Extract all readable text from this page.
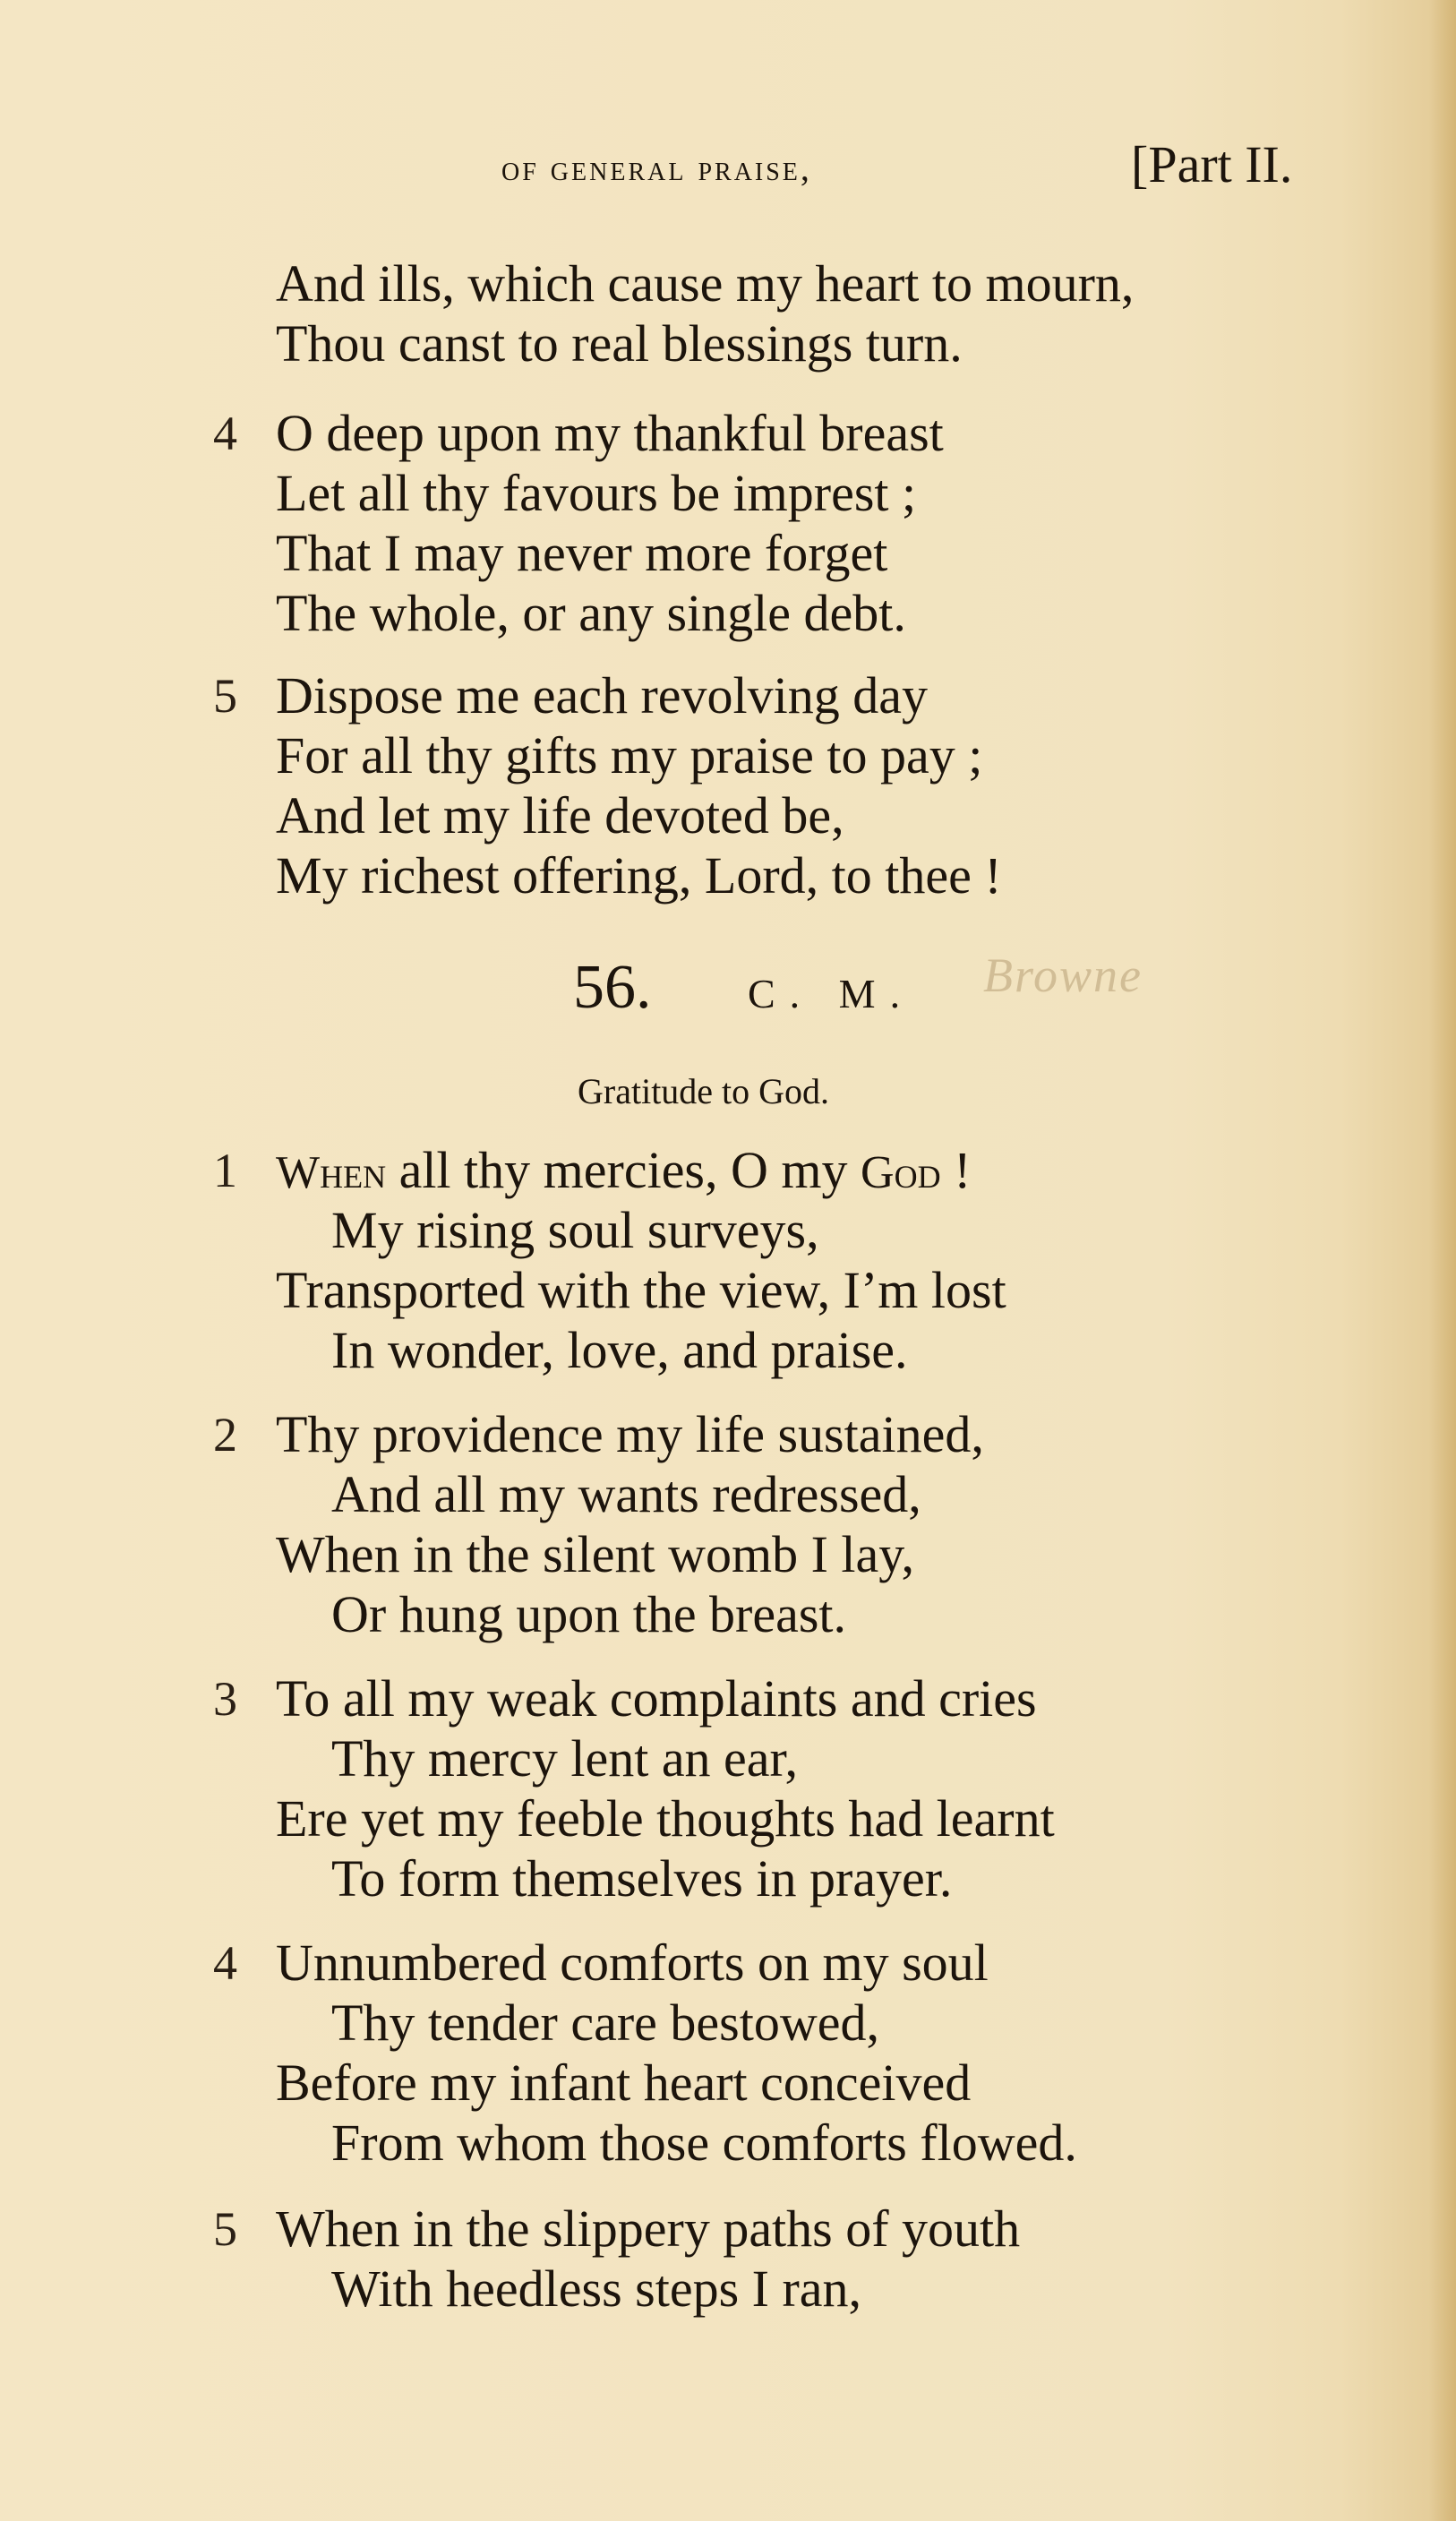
of general praise,	[Part II.
And ills, which cause my heart to mourn,
Thou canst to real blessings turn.
4 O deep upon my thankful breast
Let all thy favours be imprest ;
That I may never more forget
The whole, or any single debt.
5 Dispose me each revolving day
For all thy gifts my praise to pay ;
And let my life devoted be,
My richest offering, Lord, to thee !
56. C. M. Browne
Gratitude to God.
1 When all thy mercies, O my God !
My rising soul surveys,
Transported with the view, I’m lost
In wonder, love, and praise.
2 Thy providence my life sustained,
And all my wants redressed,
When in the silent womb I lay,
Or hung upon the breast.
3 To all my weak complaints and cries
Thy mercy lent an ear,
Ere yet my feeble thoughts had learnt
To form themselves in prayer.
4 Unnumbered comforts on my soul
Thy tender care bestowed,
Before my infant heart conceived
From whom those comforts flowed.
5 When in the slippery paths of youth
With heedless steps I ran,
